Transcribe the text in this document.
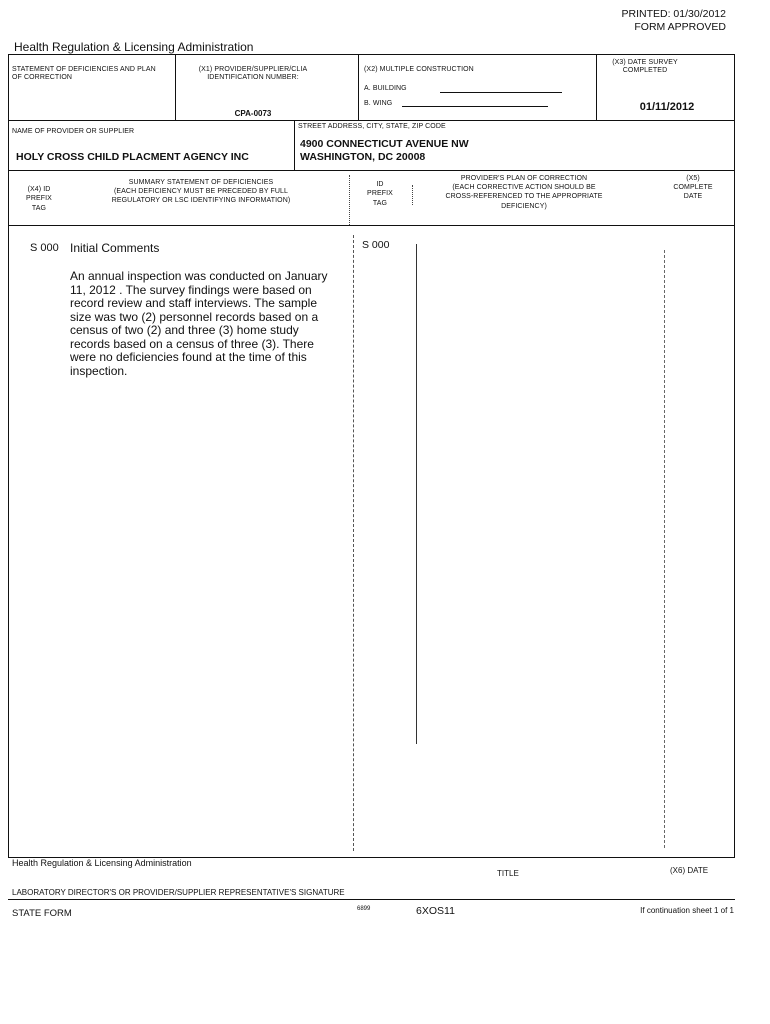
PRINTED: 01/30/2012
FORM APPROVED
Health Regulation & Licensing Administration
STATEMENT OF DEFICIENCIES AND PLAN OF CORRECTION
(X1) PROVIDER/SUPPLIER/CLIA IDENTIFICATION NUMBER:
CPA-0073
(X2) MULTIPLE CONSTRUCTION
A. BUILDING
B. WING
(X3) DATE SURVEY COMPLETED
01/11/2012
NAME OF PROVIDER OR SUPPLIER
HOLY CROSS CHILD PLACMENT AGENCY INC
STREET ADDRESS, CITY, STATE, ZIP CODE
4900 CONNECTICUT AVENUE NW
WASHINGTON, DC 20008
(X4) ID
PREFIX
TAG
SUMMARY STATEMENT OF DEFICIENCIES
(EACH DEFICIENCY MUST BE PRECEDED BY FULL
REGULATORY OR LSC IDENTIFYING INFORMATION)
ID
PREFIX
TAG
PROVIDER'S PLAN OF CORRECTION
(EACH CORRECTIVE ACTION SHOULD BE
CROSS-REFERENCED TO THE APPROPRIATE
DEFICIENCY)
(X5)
COMPLETE
DATE
S 000 Initial Comments	S 000
An annual inspection was conducted on January
11, 2012 . The survey findings were based on
record review and staff interviews. The sample
size was two (2) personnel records based on a
census of two (2) and three (3) home study
records based on a census of three (3). There
were no deficiencies found at the time of this
inspection.
Health Regulation & Licensing Administration
TITLE	(X6) DATE
LABORATORY DIRECTOR'S OR PROVIDER/SUPPLIER REPRESENTATIVE'S SIGNATURE
STATE FORM	6899	6XOS11	If continuation sheet 1 of 1
